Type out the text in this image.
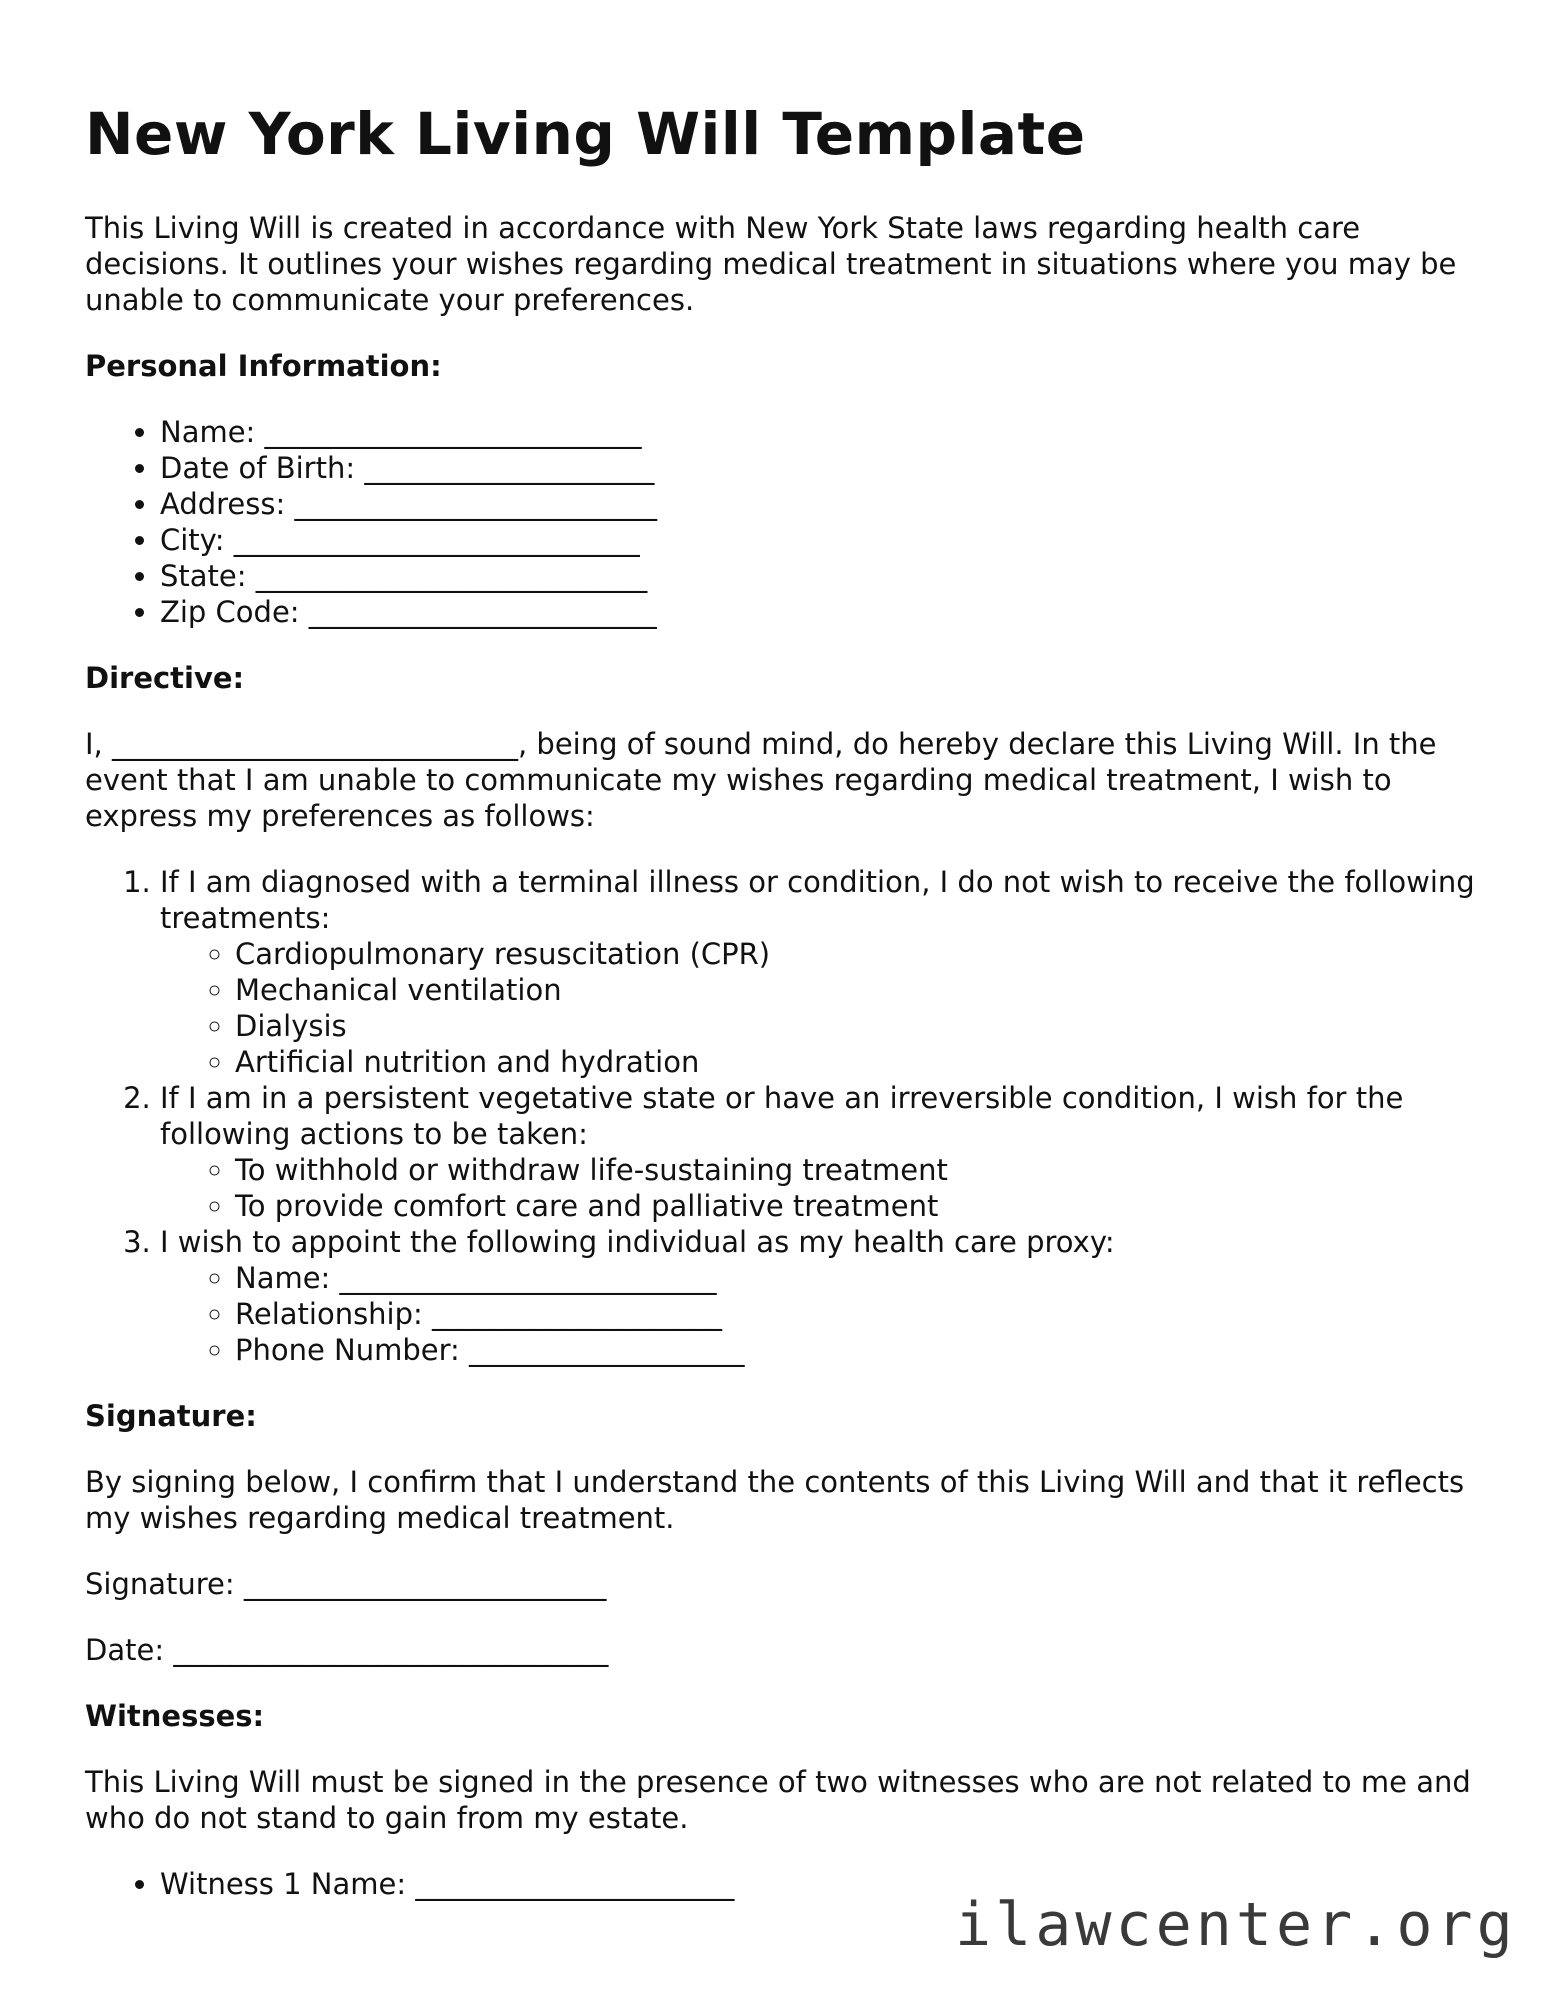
New York Living Will Template

This Living Will is created in accordance with New York State laws regarding health care decisions. It outlines your wishes regarding medical treatment in situations where you may be unable to communicate your preferences.

Personal Information:

• Name: __________________________
• Date of Birth: ____________________
• Address: _________________________
• City: ____________________________
• State: ___________________________
• Zip Code: ________________________

Directive:

I, ____________________________, being of sound mind, do hereby declare this Living Will. In the event that I am unable to communicate my wishes regarding medical treatment, I wish to express my preferences as follows:

1. If I am diagnosed with a terminal illness or condition, I do not wish to receive the following treatments:
◦ Cardiopulmonary resuscitation (CPR)
◦ Mechanical ventilation
◦ Dialysis
◦ Artificial nutrition and hydration
2. If I am in a persistent vegetative state or have an irreversible condition, I wish for the following actions to be taken:
◦ To withhold or withdraw life-sustaining treatment
◦ To provide comfort care and palliative treatment
3. I wish to appoint the following individual as my health care proxy:
◦ Name: __________________________
◦ Relationship: ____________________
◦ Phone Number: ___________________

Signature:

By signing below, I confirm that I understand the contents of this Living Will and that it reflects my wishes regarding medical treatment.

Signature: _________________________

Date: ______________________________

Witnesses:

This Living Will must be signed in the presence of two witnesses who are not related to me and who do not stand to gain from my estate.

• Witness 1 Name: ______________________
ilawcenter.org
